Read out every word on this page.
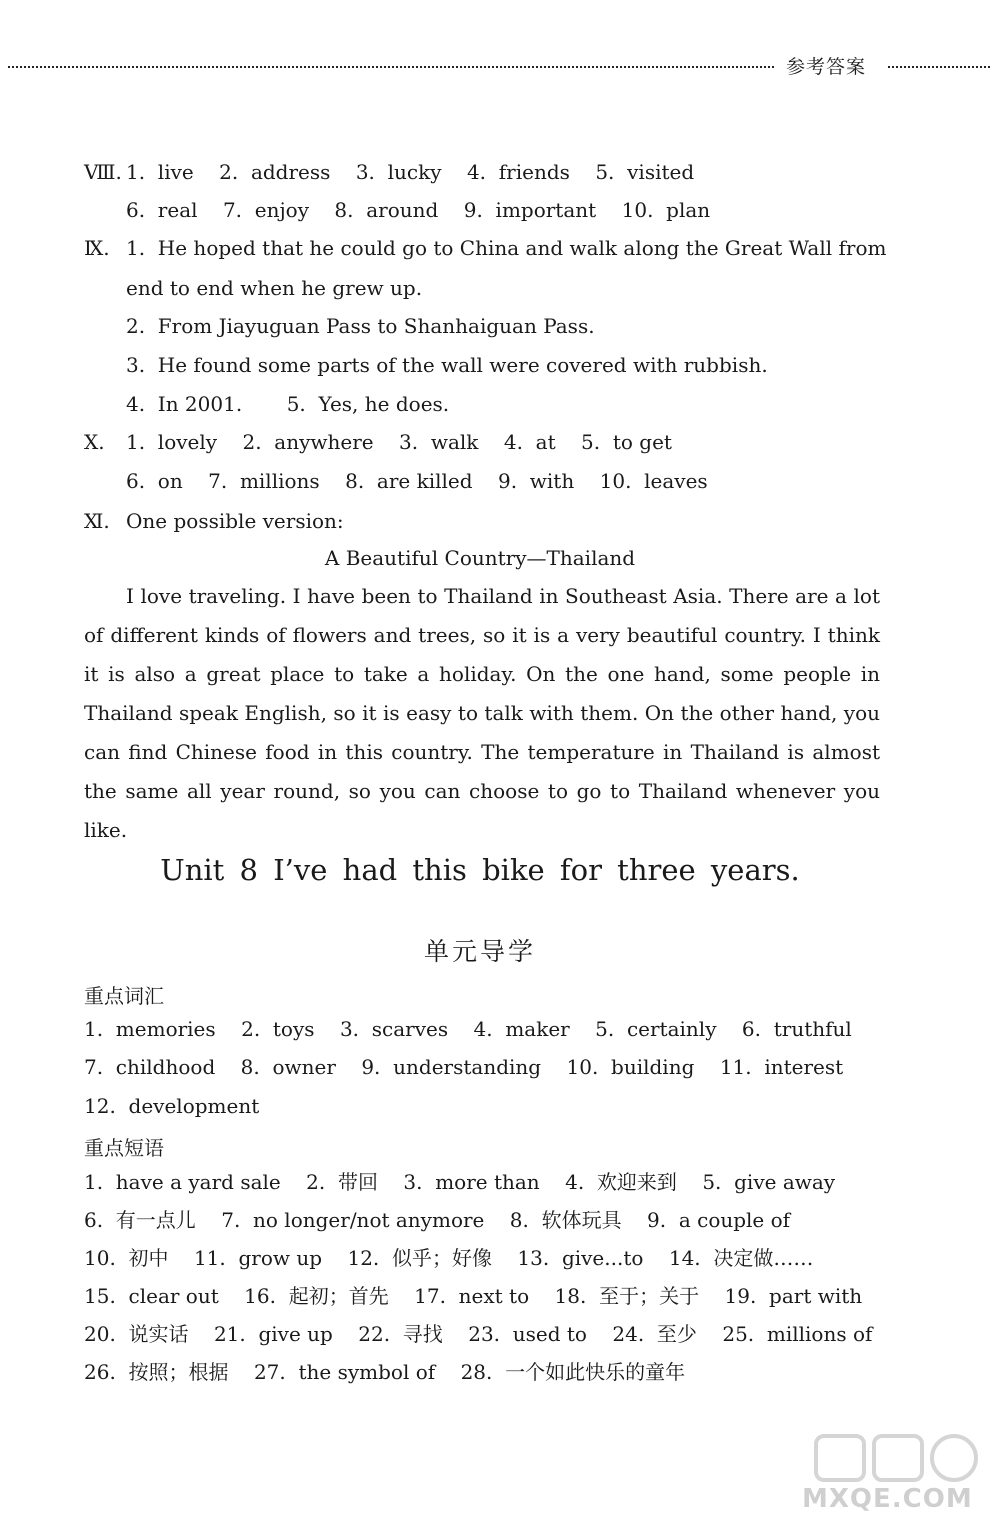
参考答案
Ⅷ. 1.  live    2.  address    3.  lucky    4.  friends    5.  visited
6.  real    7.  enjoy    8.  around    9.  important    10.  plan
Ⅸ. 1.  He hoped that he could go to China and walk along the Great Wall from
end to end when he grew up.
2.  From Jiayuguan Pass to Shanhaiguan Pass.
3.  He found some parts of the wall were covered with rubbish.
4.  In 2001.       5.  Yes, he does.
Ⅹ. 1.  lovely    2.  anywhere    3.  walk    4.  at    5.  to get
6.  on    7.  millions    8.  are killed    9.  with    10.  leaves
Ⅺ. One possible version:
A Beautiful Country—Thailand

I love traveling. I have been to Thailand in Southeast Asia. There are a lot of different kinds of flowers and trees, so it is a very beautiful country. I think it is also a great place to take a holiday. On the one hand, some people in Thailand speak English, so it is easy to talk with them. On the other hand, you can find Chinese food in this country. The temperature in Thailand is almost the same all year round, so you can choose to go to Thailand whenever you like.

Unit 8 I’ve had this bike for three years.
单元导学
重点词汇
1.  memories    2.  toys    3.  scarves    4.  maker    5.  certainly    6.  truthful
7.  childhood    8.  owner    9.  understanding    10.  building    11.  interest
12.  development
重点短语
1.  have a yard sale    2.  带回    3.  more than    4.  欢迎来到    5.  give away
6.  有一点儿    7.  no longer/not anymore    8.  软体玩具    9.  a couple of
10.  初中    11.  grow up    12.  似乎；好像    13.  give...to    14.  决定做……
15.  clear out    16.  起初；首先    17.  next to    18.  至于；关于    19.  part with
20.  说实话    21.  give up    22.  寻找    23.  used to    24.  至少    25.  millions of
26.  按照；根据    27.  the symbol of    28.  一个如此快乐的童年
MXQE.COM
